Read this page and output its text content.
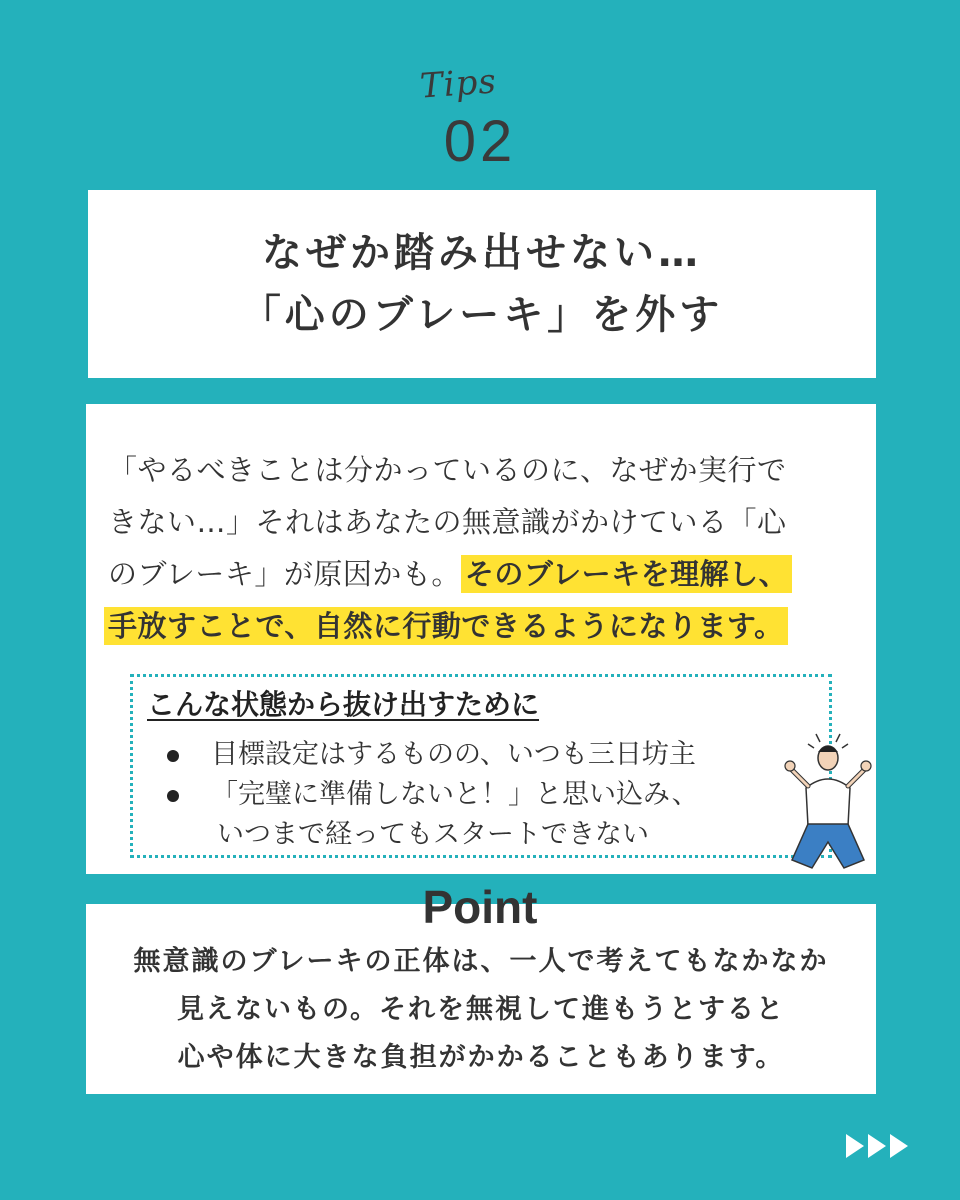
Tips
02
なぜか踏み出せない…
「心のブレーキ」を外す
「やるべきことは分かっているのに、なぜか実行で
きない…」それはあなたの無意識がかけている「心
のブレーキ」が原因かも。 そのブレーキを理解し、
手放すことで、自然に行動できるようになります。
こんな状態から抜け出すために
目標設定はするものの、いつも三日坊主
「完璧に準備しないと！」と思い込み、
いつまで経ってもスタートできない
無意識のブレーキの正体は、一人で考えてもなかなか
見えないもの。それを無視して進もうとすると
心や体に大きな負担がかかることもあります。
Point
